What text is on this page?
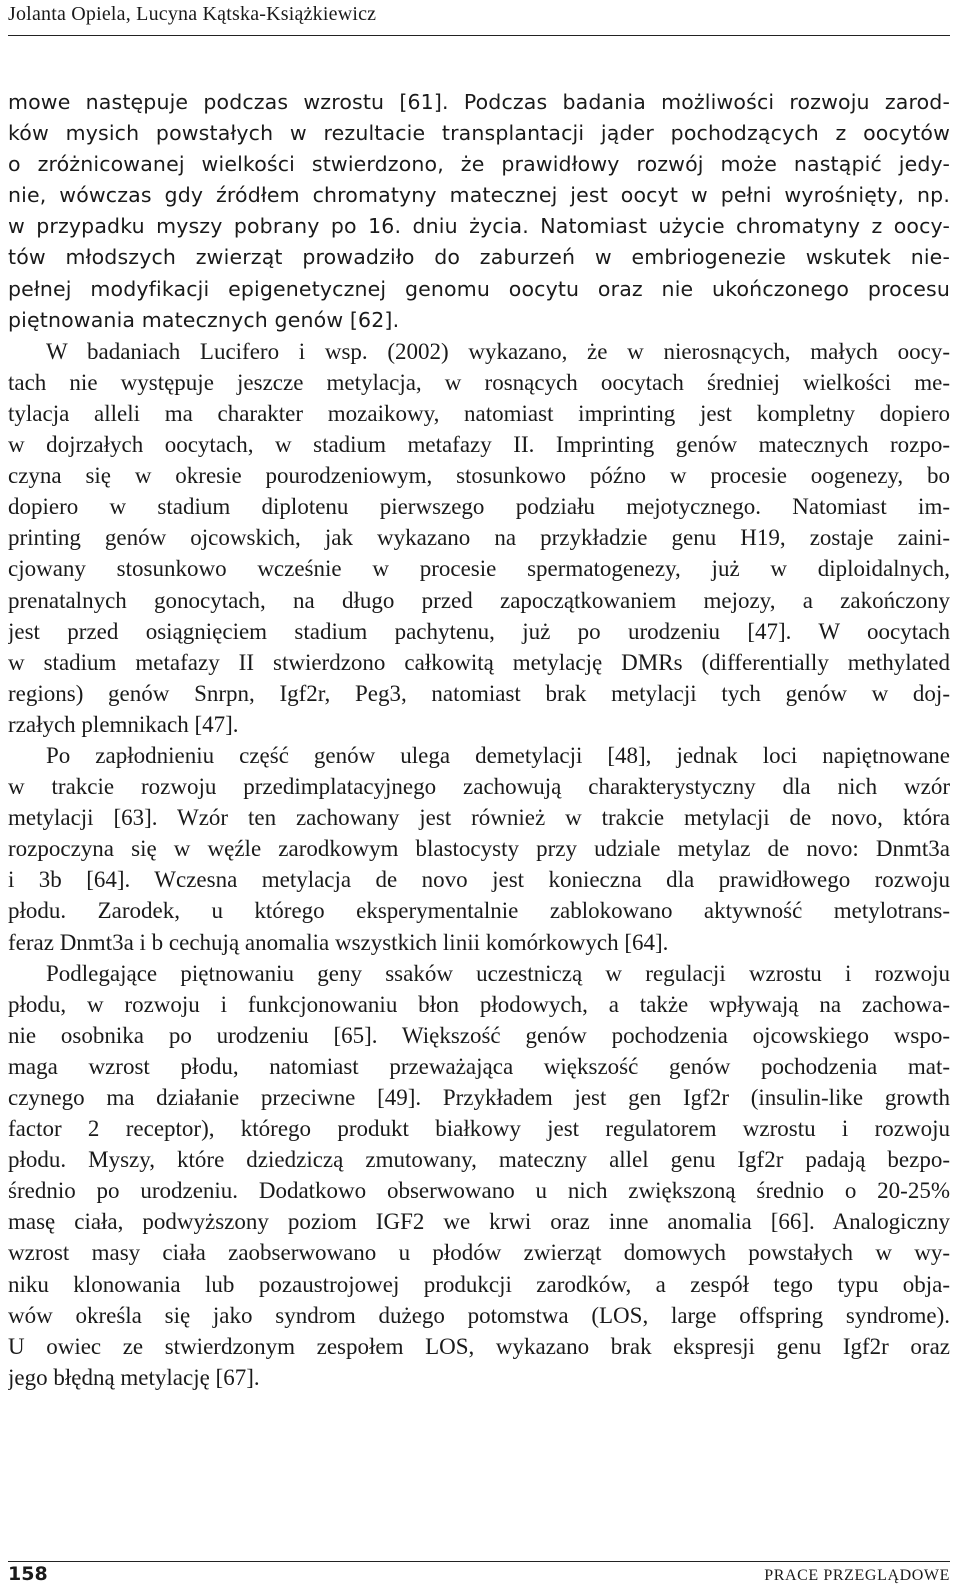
Jolanta Opiela, Lucyna Kątska-Książkiewicz
mowe następuje podczas wzrostu [61]. Podczas badania możliwości rozwoju zarod-
ków mysich powstałych w rezultacie transplantacji jąder pochodzących z oocytów
o zróżnicowanej wielkości stwierdzono, że prawidłowy rozwój może nastąpić jedy-
nie, wówczas gdy źródłem chromatyny matecznej jest oocyt w pełni wyrośnięty, np.
w przypadku myszy pobrany po 16. dniu życia. Natomiast użycie chromatyny z oocy-
tów młodszych zwierząt prowadziło do zaburzeń w embriogenezie wskutek nie-
pełnej modyfikacji epigenetycznej genomu oocytu oraz nie ukończonego procesu
piętnowania matecznych genów [62].
W badaniach Lucifero i wsp. (2002) wykazano, że w nierosnących, małych oocy-
tach nie występuje jeszcze metylacja, w rosnących oocytach średniej wielkości me-
tylacja alleli ma charakter mozaikowy, natomiast imprinting jest kompletny dopiero
w dojrzałych oocytach, w stadium metafazy II. Imprinting genów matecznych rozpo-
czyna się w okresie pourodzeniowym, stosunkowo późno w procesie oogenezy, bo
dopiero w stadium diplotenu pierwszego podziału mejotycznego. Natomiast im-
printing genów ojcowskich, jak wykazano na przykładzie genu H19, zostaje zaini-
cjowany stosunkowo wcześnie w procesie spermatogenezy, już w diploidalnych,
prenatalnych gonocytach, na długo przed zapoczątkowaniem mejozy, a zakończony
jest przed osiągnięciem stadium pachytenu, już po urodzeniu [47]. W oocytach
w stadium metafazy II stwierdzono całkowitą metylację DMRs (differentially methylated
regions) genów Snrpn, Igf2r, Peg3, natomiast brak metylacji tych genów w doj-
rzałych plemnikach [47].
Po zapłodnieniu część genów ulega demetylacji [48], jednak loci napiętnowane
w trakcie rozwoju przedimplatacyjnego zachowują charakterystyczny dla nich wzór
metylacji [63]. Wzór ten zachowany jest również w trakcie metylacji de novo, która
rozpoczyna się w węźle zarodkowym blastocysty przy udziale metylaz de novo: Dnmt3a
i 3b [64]. Wczesna metylacja de novo jest konieczna dla prawidłowego rozwoju
płodu. Zarodek, u którego eksperymentalnie zablokowano aktywność metylotrans-
feraz Dnmt3a i b cechują anomalia wszystkich linii komórkowych [64].
Podlegające piętnowaniu geny ssaków uczestniczą w regulacji wzrostu i rozwoju
płodu, w rozwoju i funkcjonowaniu błon płodowych, a także wpływają na zachowa-
nie osobnika po urodzeniu [65]. Większość genów pochodzenia ojcowskiego wspo-
maga wzrost płodu, natomiast przeważająca większość genów pochodzenia mat-
czynego ma działanie przeciwne [49]. Przykładem jest gen Igf2r (insulin-like growth
factor 2 receptor), którego produkt białkowy jest regulatorem wzrostu i rozwoju
płodu. Myszy, które dziedziczą zmutowany, mateczny allel genu Igf2r padają bezpo-
średnio po urodzeniu. Dodatkowo obserwowano u nich zwiększoną średnio o 20-25%
masę ciała, podwyższony poziom IGF2 we krwi oraz inne anomalia [66]. Analogiczny
wzrost masy ciała zaobserwowano u płodów zwierząt domowych powstałych w wy-
niku klonowania lub pozaustrojowej produkcji zarodków, a zespół tego typu obja-
wów określa się jako syndrom dużego potomstwa (LOS, large offspring syndrome).
U owiec ze stwierdzonym zespołem LOS, wykazano brak ekspresji genu Igf2r oraz
jego błędną metylację [67].
158	PRACE PRZEGLĄDOWE
